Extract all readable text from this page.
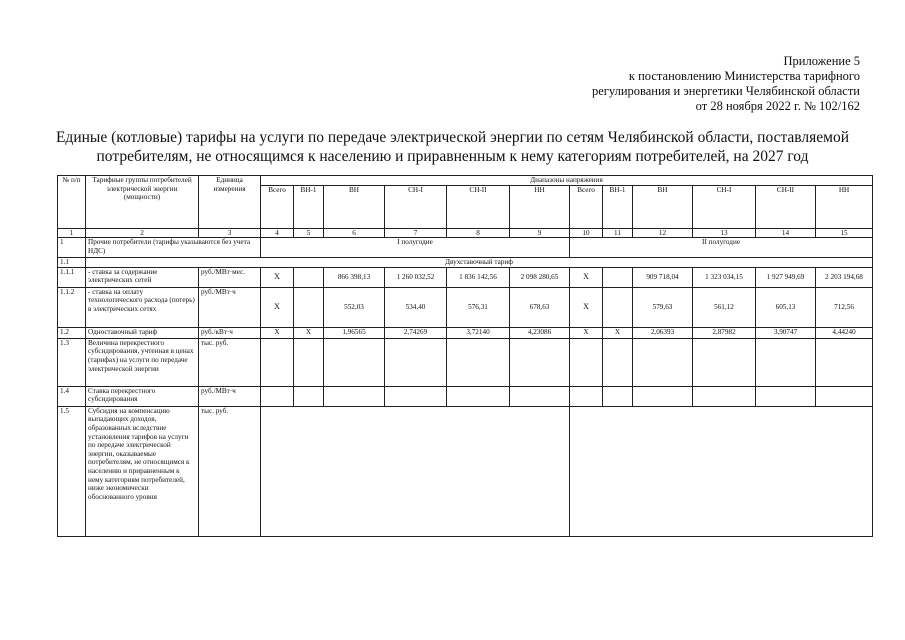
Приложение 5
к постановлению Министерства тарифного
регулирования и энергетики Челябинской области
от 28 ноября 2022 г. № 102/162
Единые (котловые) тарифы на услуги по передаче электрической энергии по сетям Челябинской области, поставляемой
потребителям, не относящимся к населению и приравненным к нему категориям потребителей, на 2027 год
№ п/п	Тарифные группы потребителей электрической энергии (мощности)	Единица измерения	Диапазоны напряжения											
			Всего	ВН-1	ВН	СН-I	СН-II	НН	Всего	ВН-1	ВН	СН-I	СН-II	НН
1	2	3	4	5	6	7	8	9	10	11	12	13	14	15
1	Прочие потребители (тарифы указываются без учета НДС)		I полугодие						II полугодие					
1.1	Двухставочный тариф													
1.1.1	- ставка за содержание электрических сетей	руб./МВт·мес.	X		866 398,13	1 260 032,52	1 836 142,56	2 098 280,65	X		909 718,04	1 323 034,15	1 927 949,69	2 203 194,68
1.1.2	- ставка на оплату технологического расхода (потерь) в электрических сетях	руб./МВт·ч	X		552,03	534,40	576,31	678,63	X		579,63	561,12	605,13	712,56
1.2	Одноставочный тариф	руб./кВт·ч	X	X	1,96565	2,74269	3,72140	4,23086	X	X	2,06393	2,87982	3,90747	4,44240
1.3	Величина перекрестного субсидирования, учтенная в ценах (тарифах) на услуги по передаче электрической энергии	тыс. руб.												
1.4	Ставка перекрестного субсидирования	руб./МВт·ч												
1.5	Субсидия на компенсацию выпадающих доходов, образованных вследствие установления тарифов на услуги по передаче электрической энергии, оказываемые потребителям, не относящимся к населению и приравненным к нему категориям потребителей, ниже экономически обоснованного уровня	тыс. руб.												
